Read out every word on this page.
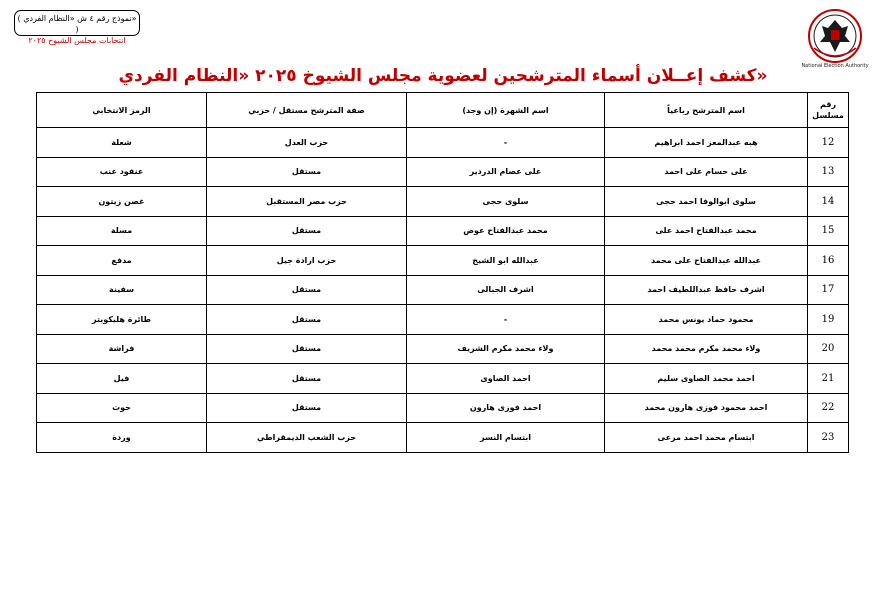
( نموذج رقم ٤ ش «النظام الفردي» )
انتخابات مجلس الشيوخ ٢٠٢٥
National Election Authority
كشف إعــلان أسماء المترشحين لعضوية مجلس الشيوخ ٢٠٢٥ «النظام الفردي»
رقم مسلسل	اسم المترشح رباعياً	اسم الشهرة (إن وجد)	صفة المترشح مستقل / حزبي	الرمز الانتخابي
12	هبه عبدالمعز احمد ابراهيم	-	حزب العدل	شعلة
13	على حسام على احمد	على عصام الدردير	مستقل	عنقود عنب
14	سلوى ابوالوفا احمد حجى	سلوى حجى	حزب مصر المستقبل	غصن زيتون
15	محمد عبدالفتاح احمد على	محمد عبدالفتاح عوض	مستقل	مسلة
16	عبدالله عبدالفتاح على محمد	عبدالله ابو الشيخ	حزب ارادة جيل	مدفع
17	اشرف حافظ عبداللطيف احمد	اشرف الجبالى	مستقل	سفينة
19	محمود حماد يونس محمد	-	مستقل	طائرة هليكوبتر
20	ولاء محمد مكرم محمد محمد	ولاء محمد مكرم الشريف	مستقل	فراشة
21	احمد محمد الصاوى سليم	احمد الصاوى	مستقل	فيل
22	احمد محمود فوزى هارون محمد	احمد فوزى هارون	مستقل	حوت
23	ابتسام محمد احمد مرعى	ابتسام النسر	حزب الشعب الديمقراطي	وردة
